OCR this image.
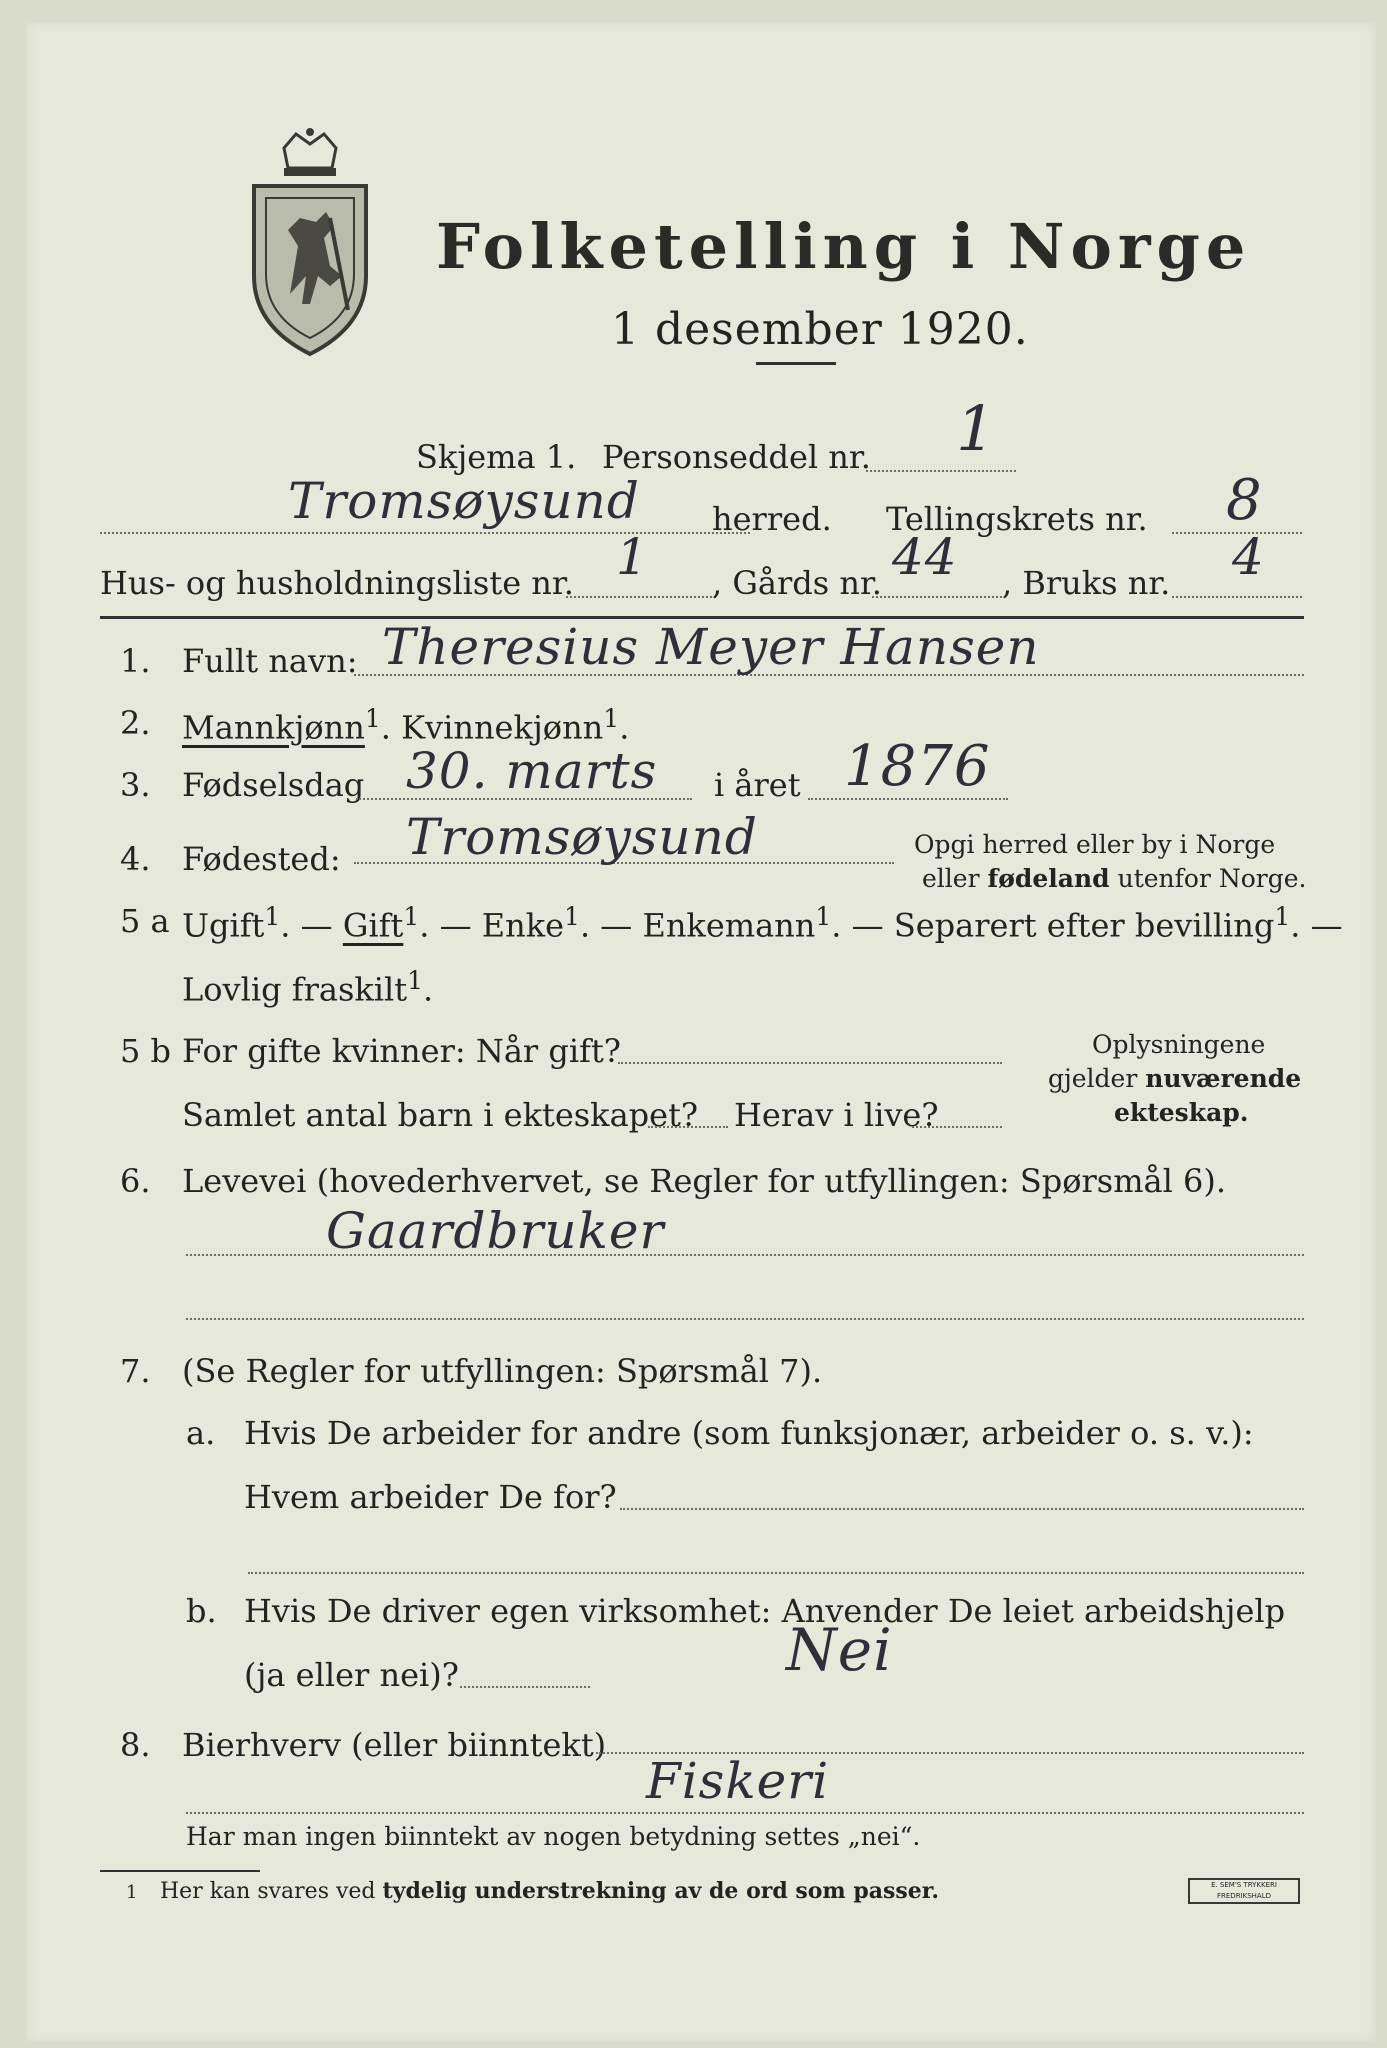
Folketelling i Norge
1 desember 1920.
Skjema 1. Personseddel nr. 1
Tromsøysund herred. Tellingskrets nr. 8
Hus- og husholdningsliste nr. 1 , Gårds nr. 44 , Bruks nr. 4
1. Fullt navn: Theresius Meyer Hansen
2. Mannkjønn$^1$. Kvinnekjønn$^1$.
3. Fødselsdag 30. marts i året 1876
4. Fødested: Tromsøysund	Opgi herred eller by i Norge
eller fødeland utenfor Norge.
5 a Ugift$^1$. — Gift$^1$. — Enke$^1$. — Enkemann$^1$. — Separert efter bevilling$^1$. —
Lovlig fraskilt$^1$.
5 b For gifte kvinner: Når gift?
Samlet antal barn i ekteskapet? Herav i live?
Oplysningene
gjelder nuværende
ekteskap.
6. Levevei (hovederhvervet, se Regler for utfyllingen: Spørsmål 6).
Gaardbruker
7. (Se Regler for utfyllingen: Spørsmål 7).
a. Hvis De arbeider for andre (som funksjonær, arbeider o. s. v.):
Hvem arbeider De for?
b. Hvis De driver egen virksomhet: Anvender De leiet arbeidshjelp
(ja eller nei)?	Nei
8. Bierhverv (eller biinntekt)
Fiskeri
Har man ingen biinntekt av nogen betydning settes „nei“.
1 Her kan svares ved tydelig understrekning av de ord som passer.	E. SEM'S TRYKKERI FREDRIKSHALD
